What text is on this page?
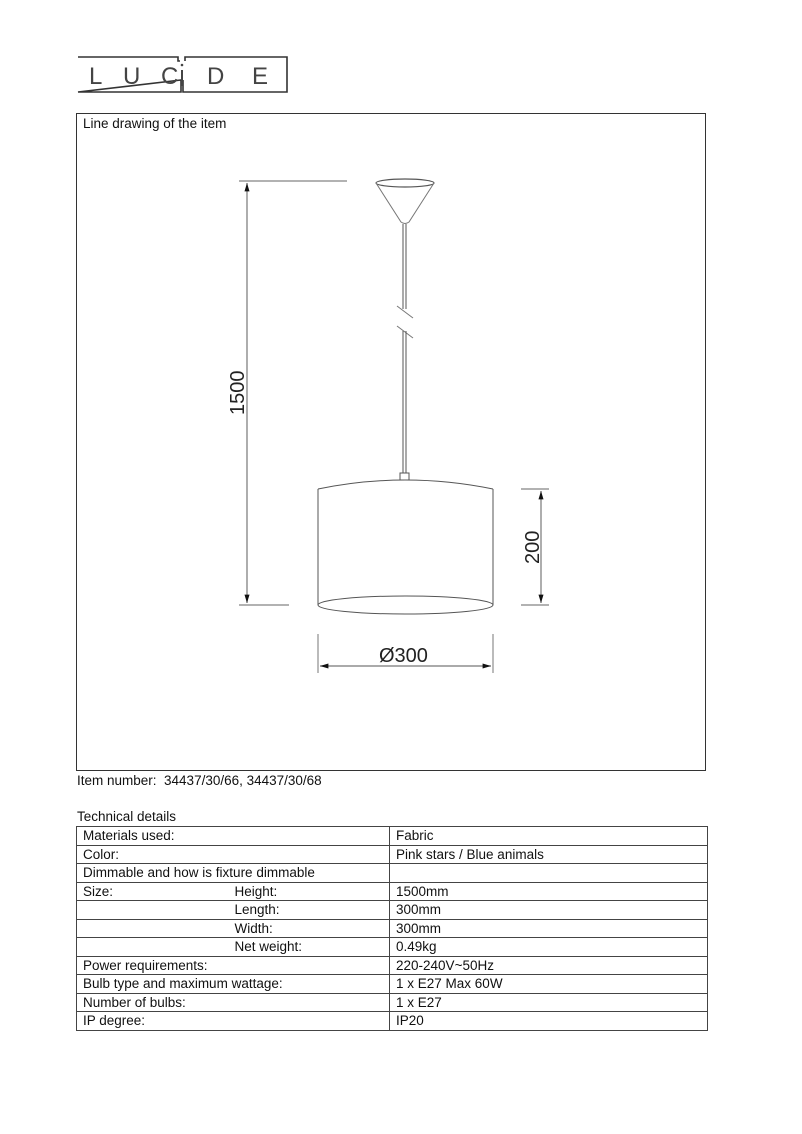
L U C D E
Line drawing of the item
1500
200
Ø300
Item number:  34437/30/66, 34437/30/68
Technical details
Materials used:		Fabric
Color:		Pink stars / Blue animals
Dimmable and how is fixture dimmable		
Size:	Height:	1500mm
	Length:	300mm
	Width:	300mm
	Net weight:	0.49kg
Power requirements:		220-240V~50Hz
Bulb type and maximum wattage:		1 x E27 Max 60W
Number of bulbs:		1 x E27
IP degree:		IP20
